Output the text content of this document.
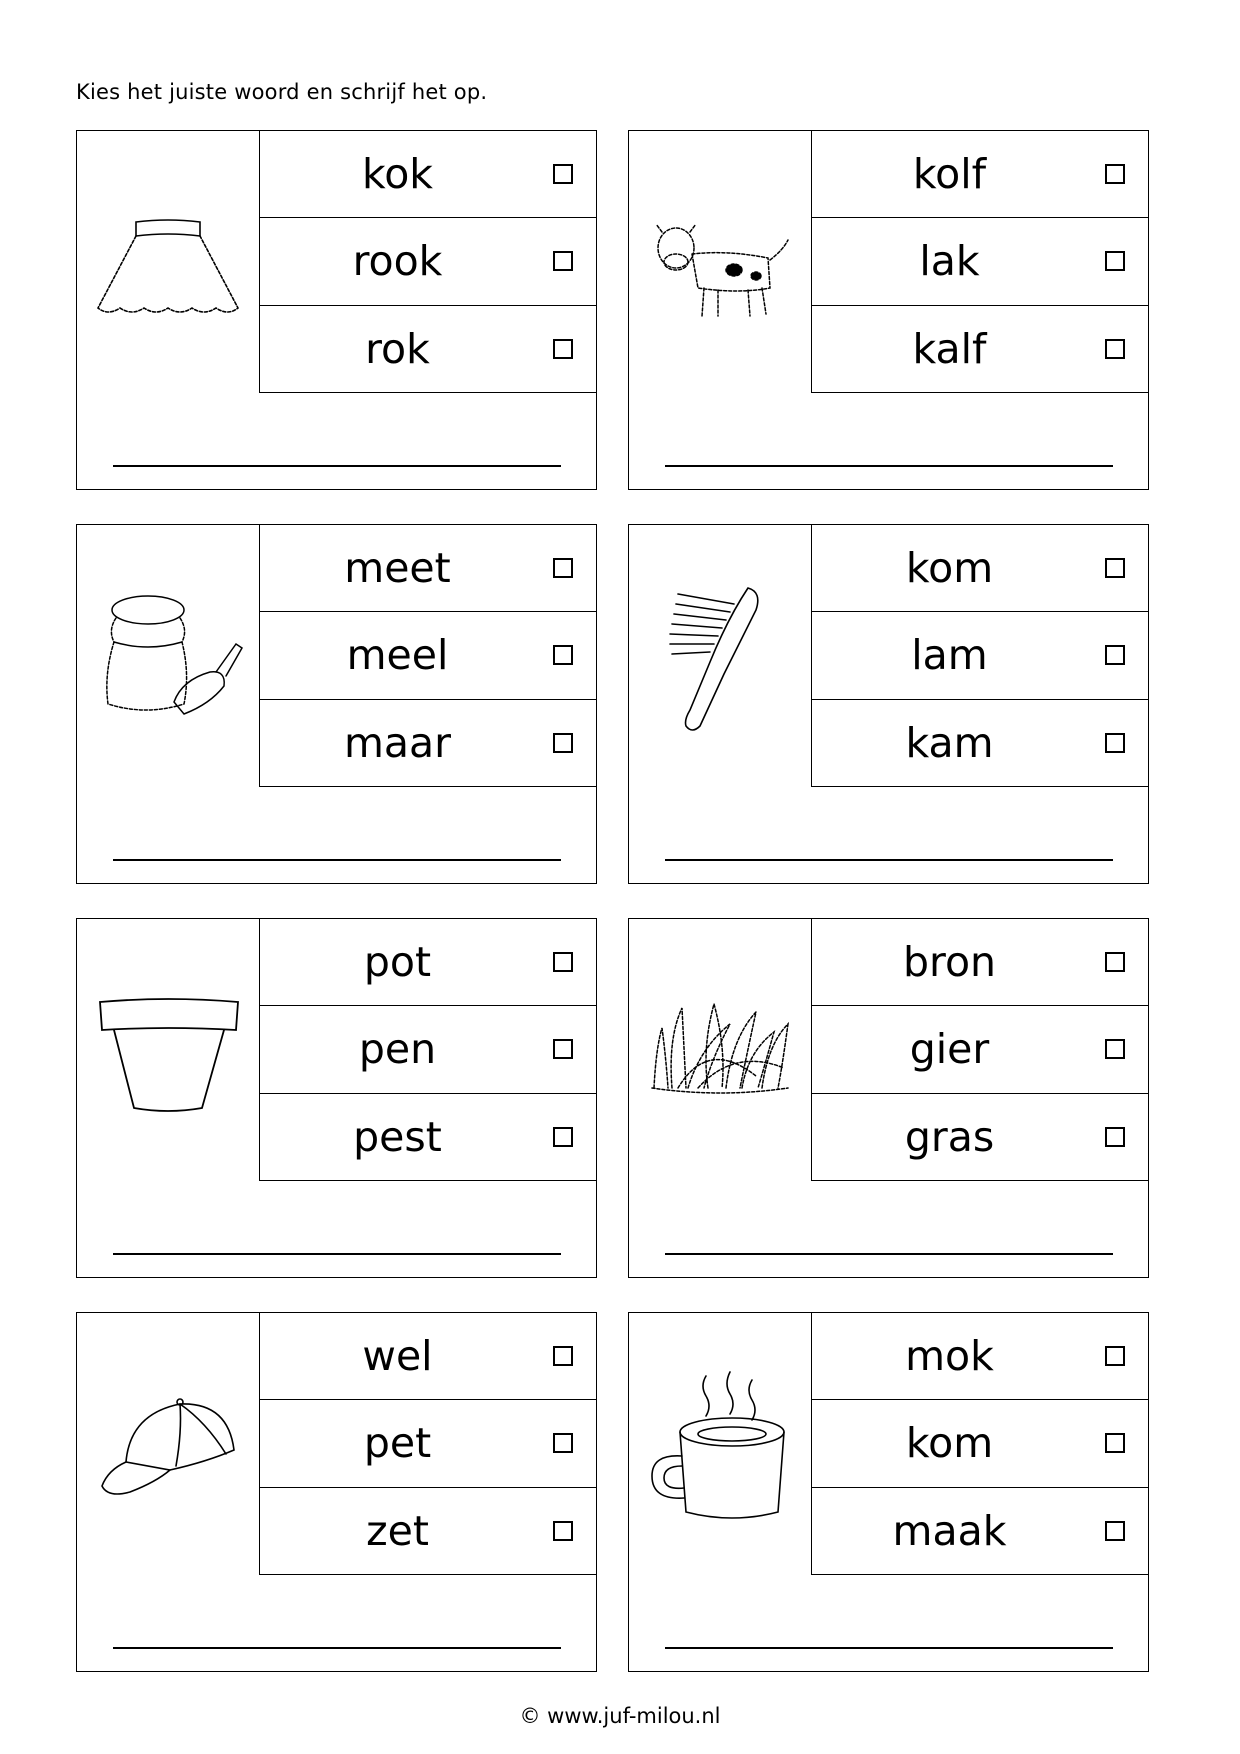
Kies het juiste woord en schrijf het op.
kok
rook
rok
kolf
lak
kalf
meet
meel
maar
kom
lam
kam
pot
pen
pest
bron
gier
gras
wel
pet
zet
mok
kom
maak
© www.juf-milou.nl
